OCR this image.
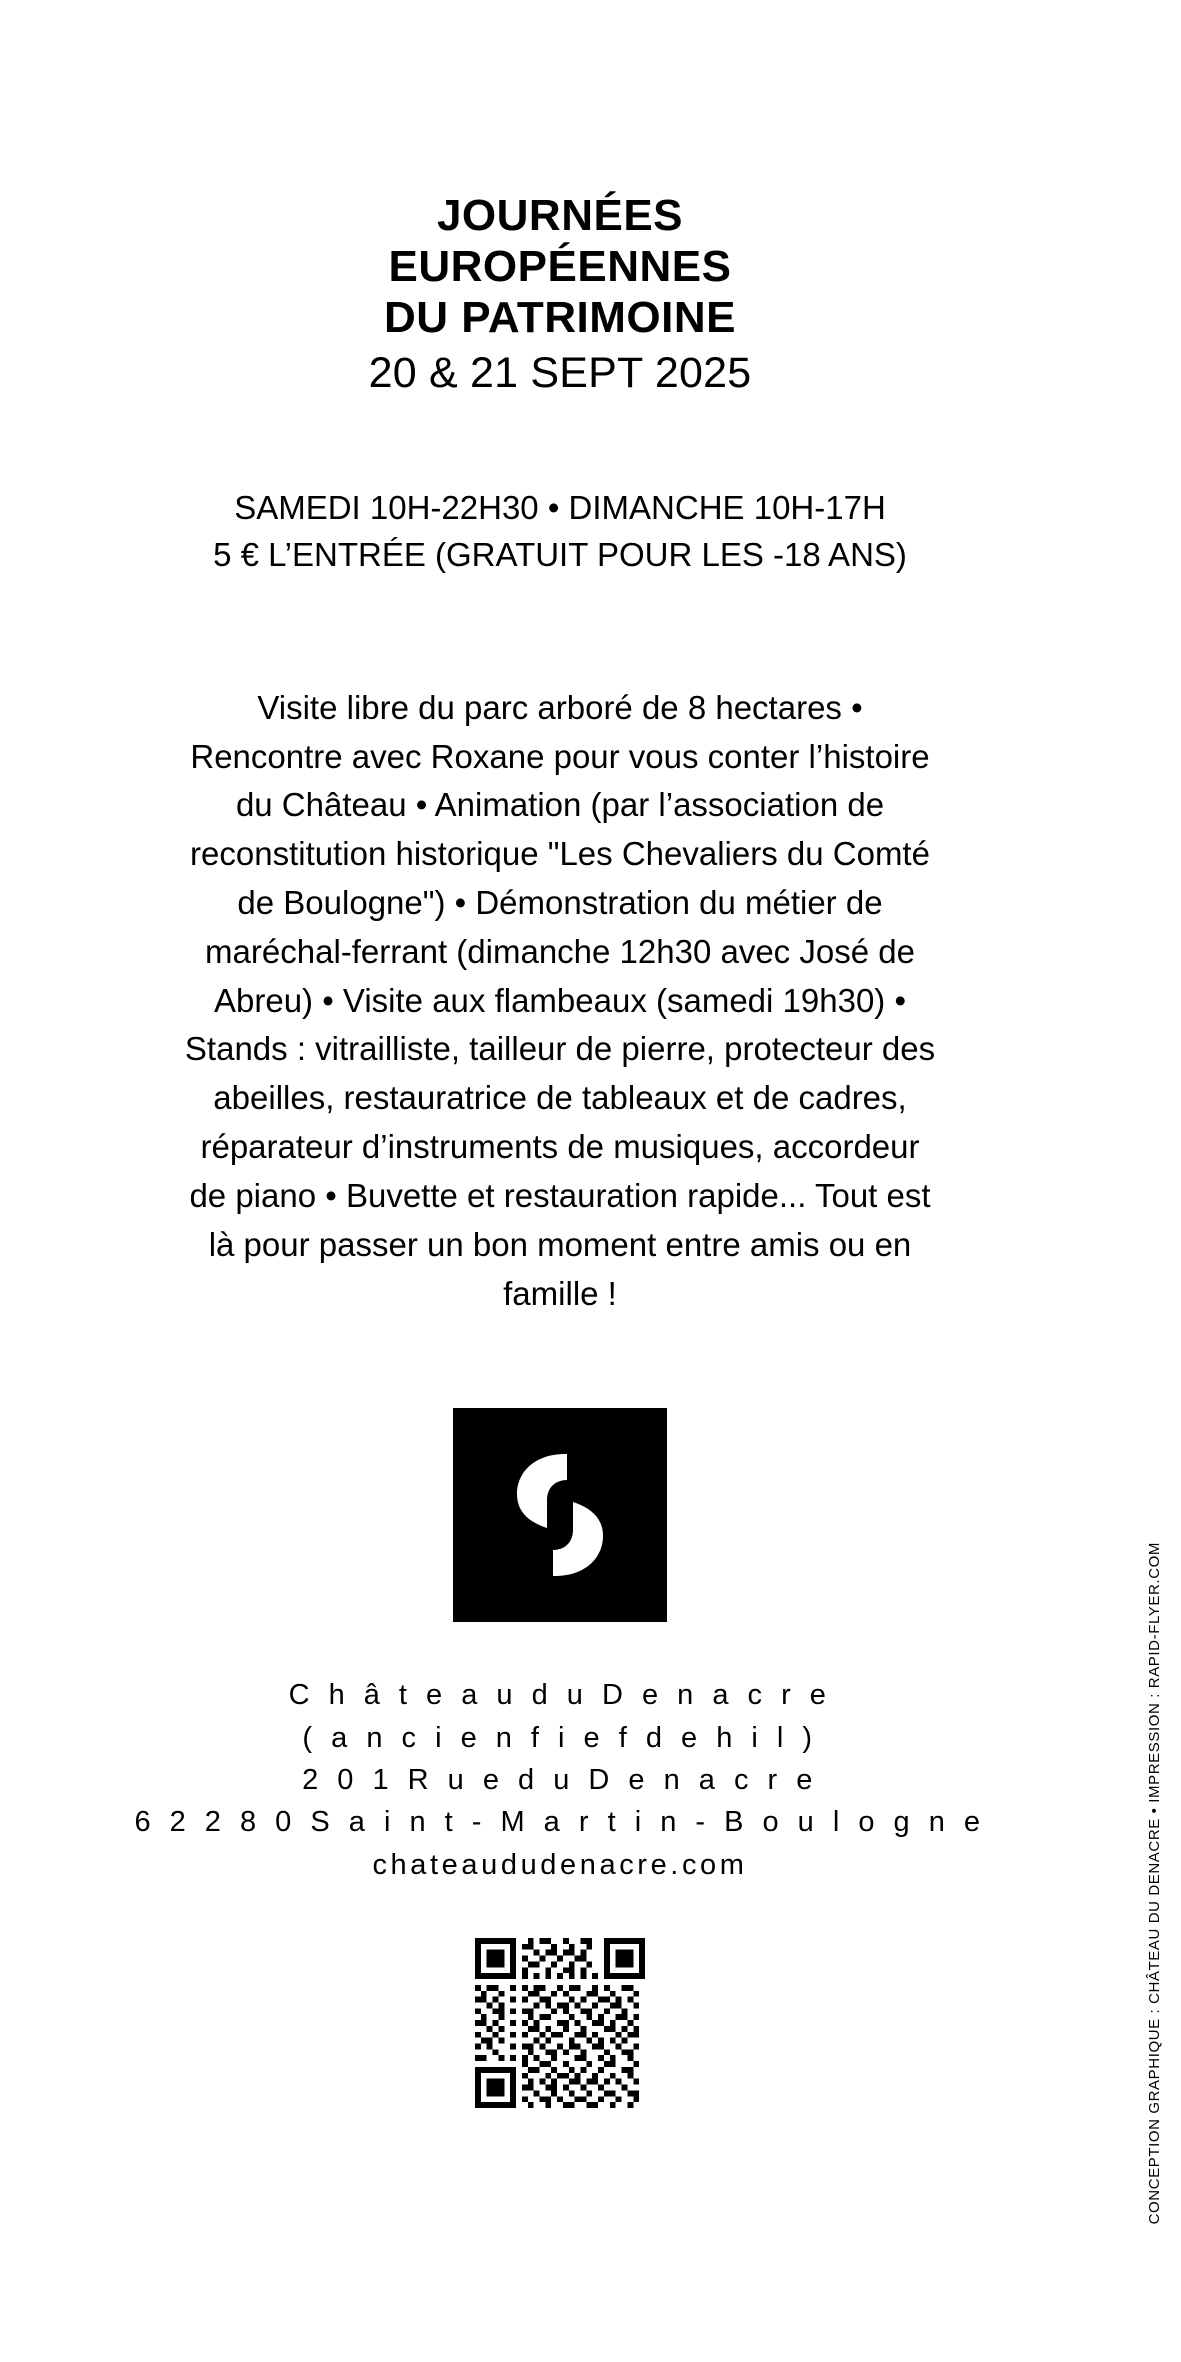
JOURNÉES
EUROPÉENNES
DU PATRIMOINE
20 & 21 SEPT 2025
SAMEDI 10H-22H30 • DIMANCHE 10H-17H
5 € L’ENTRÉE (GRATUIT POUR LES -18 ANS)
Visite libre du parc arboré de 8 hectares • Rencontre avec Roxane pour vous conter l’histoire du Château • Animation (par l’association de reconstitution historique "Les Chevaliers du Comté de Boulogne") • Démonstration du métier de maréchal-ferrant (dimanche 12h30 avec José de Abreu) • Visite aux flambeaux (samedi 19h30) • Stands : vitrailliste, tailleur de pierre, protecteur des abeilles, restauratrice de tableaux et de cadres, réparateur d’instruments de musiques, accordeur de piano • Buvette et restauration rapide... Tout est là pour passer un bon moment entre amis ou en famille !
C h â t e a u d u D e n a c r e
( a n c i e n f i e f d e h i l )
2 0 1 R u e d u D e n a c r e
6 2 2 8 0 S a i n t - M a r t i n - B o u l o g n e
chateaududenacre.com	CONCEPTION GRAPHIQUE : CHÂTEAU DU DENACRE • IMPRESSION : RAPID-FLYER.COM
